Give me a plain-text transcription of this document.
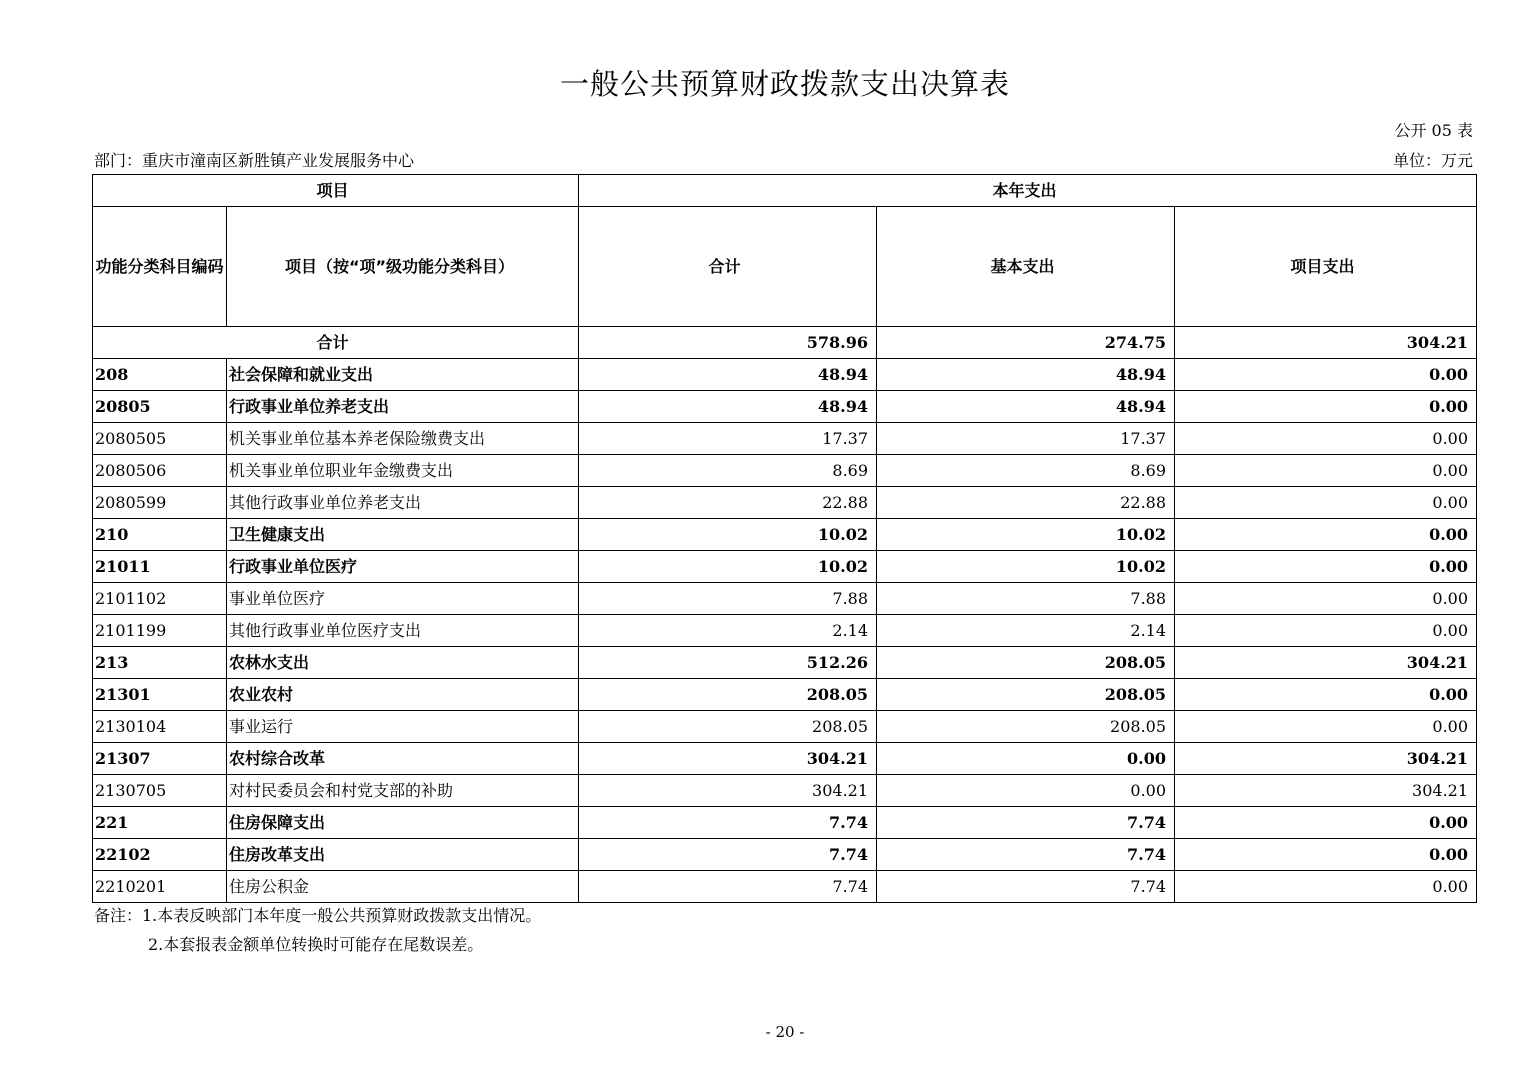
一般公共预算财政拨款支出决算表
公开 05 表
部门：重庆市潼南区新胜镇产业发展服务中心	单位：万元
项目		本年支出		
功能分类科目编码	项目（按“项”级功能分类科目）	合计	基本支出	项目支出
合计		578.96	274.75	304.21
208	社会保障和就业支出	48.94	48.94	0.00
20805	行政事业单位养老支出	48.94	48.94	0.00
2080505	机关事业单位基本养老保险缴费支出	17.37	17.37	0.00
2080506	机关事业单位职业年金缴费支出	8.69	8.69	0.00
2080599	其他行政事业单位养老支出	22.88	22.88	0.00
210	卫生健康支出	10.02	10.02	0.00
21011	行政事业单位医疗	10.02	10.02	0.00
2101102	事业单位医疗	7.88	7.88	0.00
2101199	其他行政事业单位医疗支出	2.14	2.14	0.00
213	农林水支出	512.26	208.05	304.21
21301	农业农村	208.05	208.05	0.00
2130104	事业运行	208.05	208.05	0.00
21307	农村综合改革	304.21	0.00	304.21
2130705	对村民委员会和村党支部的补助	304.21	0.00	304.21
221	住房保障支出	7.74	7.74	0.00
22102	住房改革支出	7.74	7.74	0.00
2210201	住房公积金	7.74	7.74	0.00
备注：1.本表反映部门本年度一般公共预算财政拨款支出情况。
2.本套报表金额单位转换时可能存在尾数误差。
- 20 -
